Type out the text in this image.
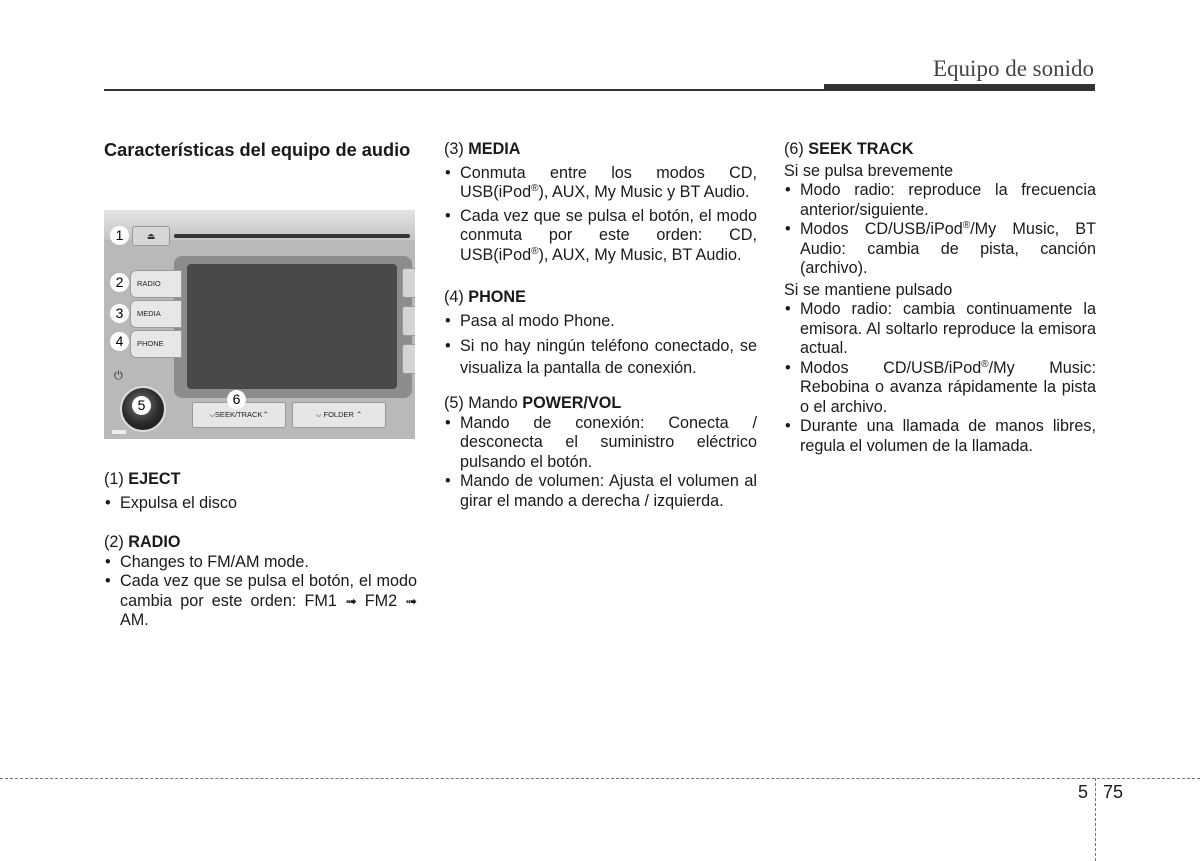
Equipo de sonido
Características del equipo de audio
⏏
RADIO
MEDIA
PHONE
⌵SEEK/TRACK⌃	⌵ FOLDER ⌃
⏻
1
2
3
4
5	6

(1) EJECT

• Expulsa el disco

(2) RADIO

• Changes to FM/AM mode.
• Cada vez que se pulsa el botón, el modo cambia por este orden: FM1 ➟ FM2 ➟ AM.

(3) MEDIA

• Conmuta entre los modos CD, USB(iPod®), AUX, My Music y BT Audio.
• Cada vez que se pulsa el botón, el modo conmuta por este orden: CD, USB(iPod®), AUX, My Music, BT Audio.

(4) PHONE

• Pasa al modo Phone.
• Si no hay ningún teléfono conectado, se visualiza la pantalla de conexión.

(5) Mando POWER/VOL

• Mando de conexión: Conecta / desconecta el suministro eléctrico pulsando el botón.
• Mando de volumen: Ajusta el volumen al girar el mando a derecha / izquierda.

(6) SEEK TRACK

Si se pulsa brevemente

• Modo radio: reproduce la frecuencia anterior/siguiente.
• Modos CD/USB/iPod®/My Music, BT Audio: cambia de pista, canción (archivo).

Si se mantiene pulsado

• Modo radio: cambia continuamente la emisora. Al soltarlo reproduce la emisora actual.
• Modos CD/USB/iPod®/My Music: Rebobina o avanza rápidamente la pista o el archivo.
• Durante una llamada de manos libres, regula el volumen de la llamada.
5 75
